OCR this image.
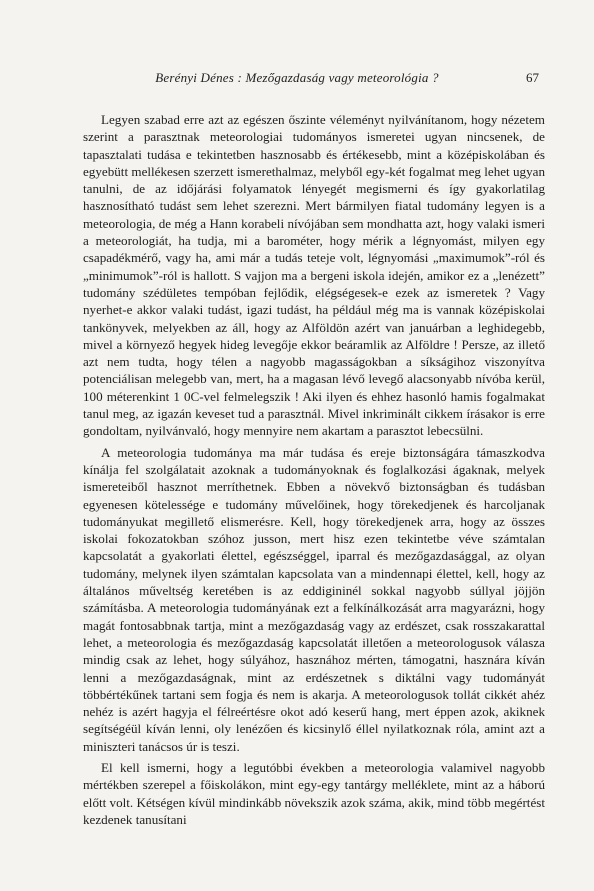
Berényi Dénes : Mezőgazdaság vagy meteorológia ?	67

Legyen szabad erre azt az egészen őszinte véleményt nyilvánítanom, hogy nézetem szerint a parasztnak meteorologiai tudományos ismeretei ugyan nincsenek, de tapasztalati tudása e tekintetben hasznosabb és értékesebb, mint a középiskolában és egyebütt mellékesen szerzett ismerethalmaz, melyből egy-két fogalmat meg lehet ugyan tanulni, de az időjárási folyamatok lényegét megismerni és így gyakorlatilag hasznosítható tudást sem lehet szerezni. Mert bármilyen fiatal tudomány legyen is a meteorologia, de még a Hann korabeli nívójában sem mondhatta azt, hogy valaki ismeri a meteorologiát, ha tudja, mi a barométer, hogy mérik a légnyomást, milyen egy csapadékmérő, vagy ha, ami már a tudás teteje volt, légnyomási „maximumok”-ról és „minimumok”-ról is hallott. S vajjon ma a bergeni iskola idején, amikor ez a „lenézett” tudomány szédületes tempóban fejlődik, elégségesek-e ezek az ismeretek ? Vagy nyerhet-e akkor valaki tudást, igazi tudást, ha például még ma is vannak középiskolai tankönyvek, melyekben az áll, hogy az Alföldön azért van januárban a leghidegebb, mivel a környező hegyek hideg levegője ekkor beáramlik az Alföldre ! Persze, az illető azt nem tudta, hogy télen a nagyobb magasságokban a síkságihoz viszonyítva potenciálisan melegebb van, mert, ha a magasan lévő levegő alacsonyabb nívóba kerül, 100 méterenkint 1 0C-vel felmelegszik ! Aki ilyen és ehhez hasonló hamis fogalmakat tanul meg, az igazán keveset tud a parasztnál. Mivel inkriminált cikkem írásakor is erre gondoltam, nyilvánvaló, hogy mennyire nem akartam a parasztot lebecsülni.

A meteorologia tudománya ma már tudása és ereje biztonságára támaszkodva kínálja fel szolgálatait azoknak a tudományoknak és foglalkozási ágaknak, melyek ismereteiből hasznot merríthetnek. Ebben a növekvő biztonságban és tudásban egyenesen kötelessége e tudomány művelőinek, hogy törekedjenek és harcoljanak tudományukat megillető elismerésre. Kell, hogy törekedjenek arra, hogy az összes iskolai fokozatokban szóhoz jusson, mert hisz ezen tekintetbe véve számtalan kapcsolatát a gyakorlati élettel, egészséggel, iparral és mezőgazdasággal, az olyan tudomány, melynek ilyen számtalan kapcsolata van a mindennapi élettel, kell, hogy az általános műveltség keretében is az eddigininél sokkal nagyobb súllyal jöjjön számításba. A meteorologia tudományának ezt a felkínálkozását arra magyarázni, hogy magát fontosabbnak tartja, mint a mezőgazdaság vagy az erdészet, csak rosszakarattal lehet, a meteorologia és mezőgazdaság kapcsolatát illetően a meteorologusok válasza mindig csak az lehet, hogy súlyához, hasznához mérten, támogatni, hasznára kíván lenni a mezőgazdaságnak, mint az erdészetnek s diktálni vagy tudományát többértékűnek tartani sem fogja és nem is akarja. A meteorologusok tollát cikkét ahéz nehéz is azért hagyja el félreértésre okot adó keserű hang, mert éppen azok, akiknek segítségéül kíván lenni, oly lenézően és kicsinylő éllel nyilatkoznak róla, amint azt a miniszteri tanácsos úr is teszi.

El kell ismerni, hogy a legutóbbi években a meteorologia valamivel nagyobb mértékben szerepel a főiskolákon, mint egy-egy tantárgy melléklete, mint az a háború előtt volt. Kétségen kívül mindinkább növekszik azok száma, akik, mind több megértést kezdenek tanusítani
